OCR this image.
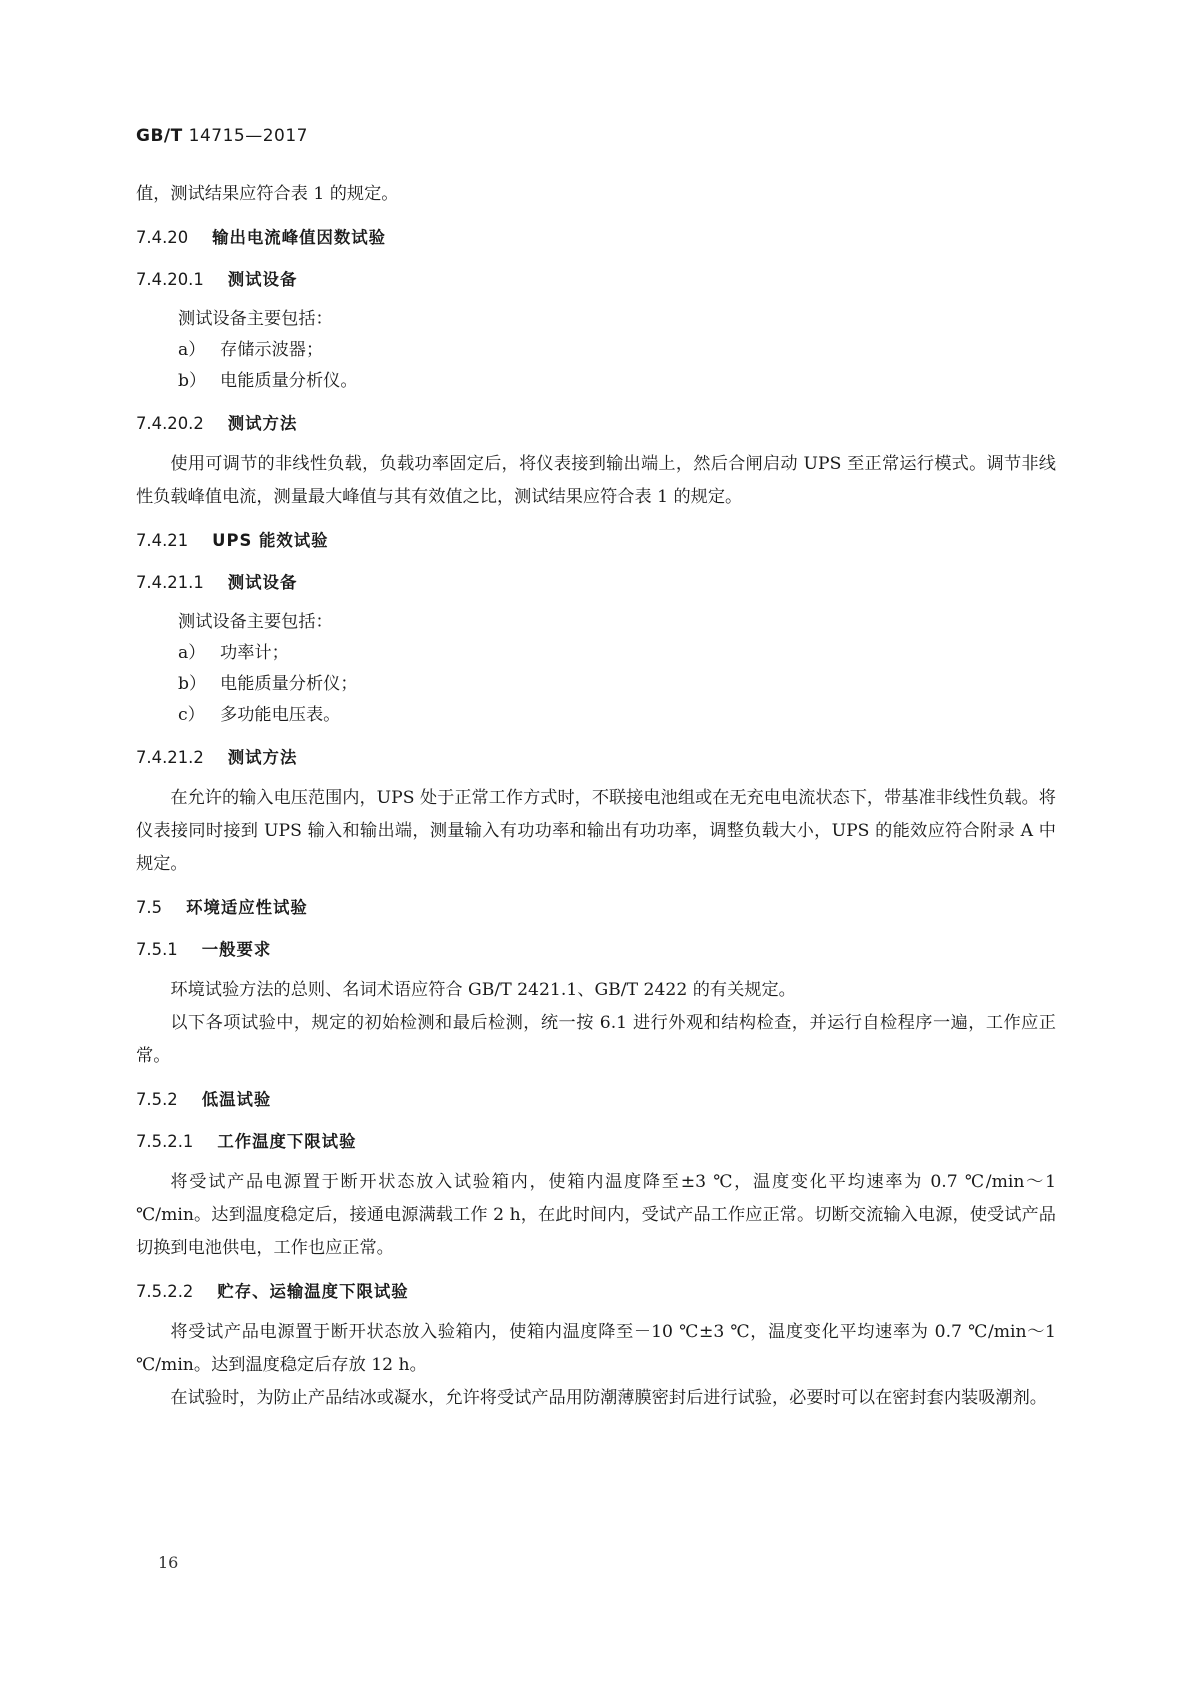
GB/T 14715—2017

值，测试结果应符合表 1 的规定。

7.4.20 输出电流峰值因数试验
7.4.20.1 测试设备

测试设备主要包括：

a） 存储示波器；
b） 电能质量分析仪。
7.4.20.2 测试方法

使用可调节的非线性负载，负载功率固定后，将仪表接到输出端上，然后合闸启动 UPS 至正常运行模式。调节非线性负载峰值电流，测量最大峰值与其有效值之比，测试结果应符合表 1 的规定。

7.4.21 UPS 能效试验
7.4.21.1 测试设备

测试设备主要包括：

a） 功率计；
b） 电能质量分析仪；
c） 多功能电压表。
7.4.21.2 测试方法

在允许的输入电压范围内，UPS 处于正常工作方式时，不联接电池组或在无充电电流状态下，带基准非线性负载。将仪表接同时接到 UPS 输入和输出端，测量输入有功功率和输出有功功率，调整负载大小，UPS 的能效应符合附录 A 中规定。

7.5 环境适应性试验
7.5.1 一般要求

环境试验方法的总则、名词术语应符合 GB/T 2421.1、GB/T 2422 的有关规定。

以下各项试验中，规定的初始检测和最后检测，统一按 6.1 进行外观和结构检查，并运行自检程序一遍，工作应正常。

7.5.2 低温试验
7.5.2.1 工作温度下限试验

将受试产品电源置于断开状态放入试验箱内，使箱内温度降至±3 ℃，温度变化平均速率为 0.7 ℃/min～1 ℃/min。达到温度稳定后，接通电源满载工作 2 h，在此时间内，受试产品工作应正常。切断交流输入电源，使受试产品切换到电池供电，工作也应正常。

7.5.2.2 贮存、运输温度下限试验

将受试产品电源置于断开状态放入验箱内，使箱内温度降至－10 ℃±3 ℃，温度变化平均速率为 0.7 ℃/min～1 ℃/min。达到温度稳定后存放 12 h。

在试验时，为防止产品结冰或凝水，允许将受试产品用防潮薄膜密封后进行试验，必要时可以在密封套内装吸潮剂。

16
